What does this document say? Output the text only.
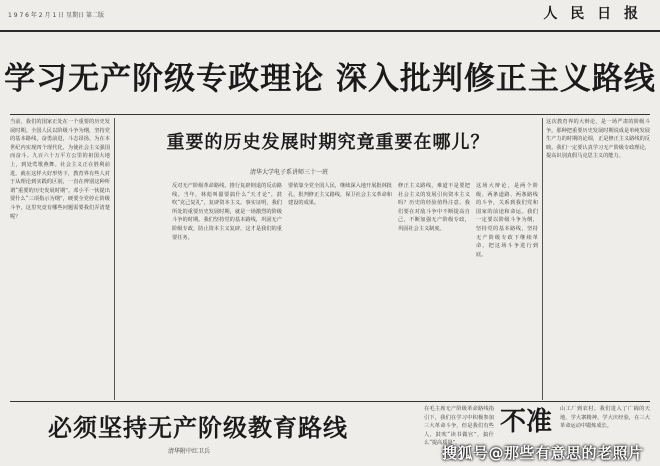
1 9 7 6 年 2 月 1 日 星期日 第二版	人 民 日 报
学习无产阶级专政理论 深入批判修正主义路线
当前，我们的国家正处在一个重要的历史发展时期。全国人民以阶级斗争为纲，坚持党的基本路线，奋勇前进，斗志昂扬。为在本世纪内实现四个现代化，为使社会主义强国而奋斗。九百六十万平方公里的祖国大地上，到处莺歌燕舞。社会主义正在胜利前进。就在这样大好形势下，教育界有些人对于从理论到实践的区别，一直在辨别这种所谓“重要的历史发展时期”。邓小平一伙提出要什么“三项指示为纲”，硬要全党停止阶级斗争，这里究竟有哪些问题需要我们弄清楚呢？
重要的历史发展时期究竟重要在哪儿？
清华大学电子系讲师三十一班
这次教育界的大辩论，是一场严肃的阶级斗争。那种把重要历史发展时期说成是单纯发展生产力的时期的论调，正是修正主义路线的反映。我们一定要认真学习无产阶级专政理论，提高识别真假马克思主义的能力。
反对无产阶级革命路线，推行复辟倒退的反动路线。当年，林彪叫嚣要搞什么“天才论”，鼓吹“克己复礼”，复辟资本主义。事实证明，我们所处的重要历史发展时期，就是一场激烈的阶级斗争的时期。我们坚持党的基本路线，巩固无产阶级专政，防止资本主义复辟，这才是我们的重要任务。
要依靠全党全国人民，继续深入地开展批林批孔，批判修正主义路线，保卫社会主义革命和建设的成果。
修正主义路线，难道不是要把社会主义的发展引向资本主义吗？历史的经验值得注意。我们要在对敌斗争中不断提高自己，不断加强无产阶级专政，巩固社会主义制度。
这场大辩论，是两个阶级、两条道路、两条路线的斗争，关系到我们党和国家的前途和命运。我们一定要以阶级斗争为纲，坚持党的基本路线，坚持无产阶级专政下继续革命，把这场斗争进行到底。
必须坚持无产阶级教育路线
清华附中红卫兵
在毛主席无产阶级革命路线指引下，我们在学习中积极参加三大革命斗争，但是我们有些人，鼓吹“读书做官”，搞什么“提高质量”。
不准 山工厂到农村。我们进入了广阔的天地，学大寨精神，学大庆经验，在三大革命运动中锻炼成长。
搜狐号@那些有意思的老照片
